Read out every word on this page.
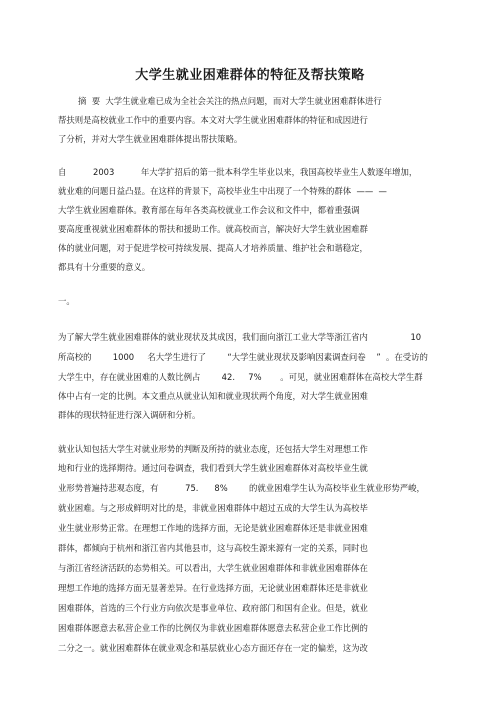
大学生就业困难群体的特征及帮扶策略
摘  要  大学生就业难已成为全社会关注的热点问题，而对大学生就业困难群体进行
帮扶则是高校就业工作中的重要内容。本文对大学生就业困难群体的特征和成因进行
了分析，并对大学生就业困难群体提出帮扶策略。
自          2003          年大学扩招后的第一批本科学生毕业以来，我国高校毕业生人数逐年增加，
就业难的问题日益凸显。在这样的背景下，高校毕业生中出现了一个特殊的群体  ——  —
大学生就业困难群体。教育部在每年各类高校就业工作会议和文件中，都着重强调
要高度重视就业困难群体的帮扶和援助工作。就高校而言，解决好大学生就业困难群
体的就业问题，对于促进学校可持续发展、提高人才培养质量、维护社会和谐稳定，
都具有十分重要的意义。
一。
为了解大学生就业困难群体的就业现状及其成因，我们面向浙江工业大学等浙江省内                10
所高校的        1000     名大学生进行了        “大学生就业现状及影响因素调查问卷    ”  。在受访的
大学生中，存在就业困难的人数比例占        42.     7%       。可见，就业困难群体在高校大学生群
体中占有一定的比例。本文重点从就业认知和就业现状两个角度，对大学生就业困难
群体的现状特征进行深入调研和分析。
就业认知包括大学生对就业形势的判断及所持的就业态度，还包括大学生对理想工作
地和行业的选择期待。通过问卷调查，我们看到大学生就业困难群体对高校毕业生就
业形势普遍持悲观态度，有          75.      8%        的就业困难学生认为高校毕业生就业形势严峻，
就业困难。与之形成鲜明对比的是，非就业困难群体中超过五成的大学生认为高校毕
业生就业形势正常。在理想工作地的选择方面，无论是就业困难群体还是非就业困难
群体，都倾向于杭州和浙江省内其他县市，这与高校生源来源有一定的关系，同时也
与浙江省经济活跃的态势相关。可以看出，大学生就业困难群体和非就业困难群体在
理想工作地的选择方面无显著差异。在行业选择方面，无论就业困难群体还是非就业
困难群体，首选的三个行业方向依次是事业单位、政府部门和国有企业。但是，就业
困难群体愿意去私营企业工作的比例仅为非就业困难群体愿意去私营企业工作比例的
二分之一。就业困难群体在就业观念和基层就业心态方面还存在一定的偏差，这为改
